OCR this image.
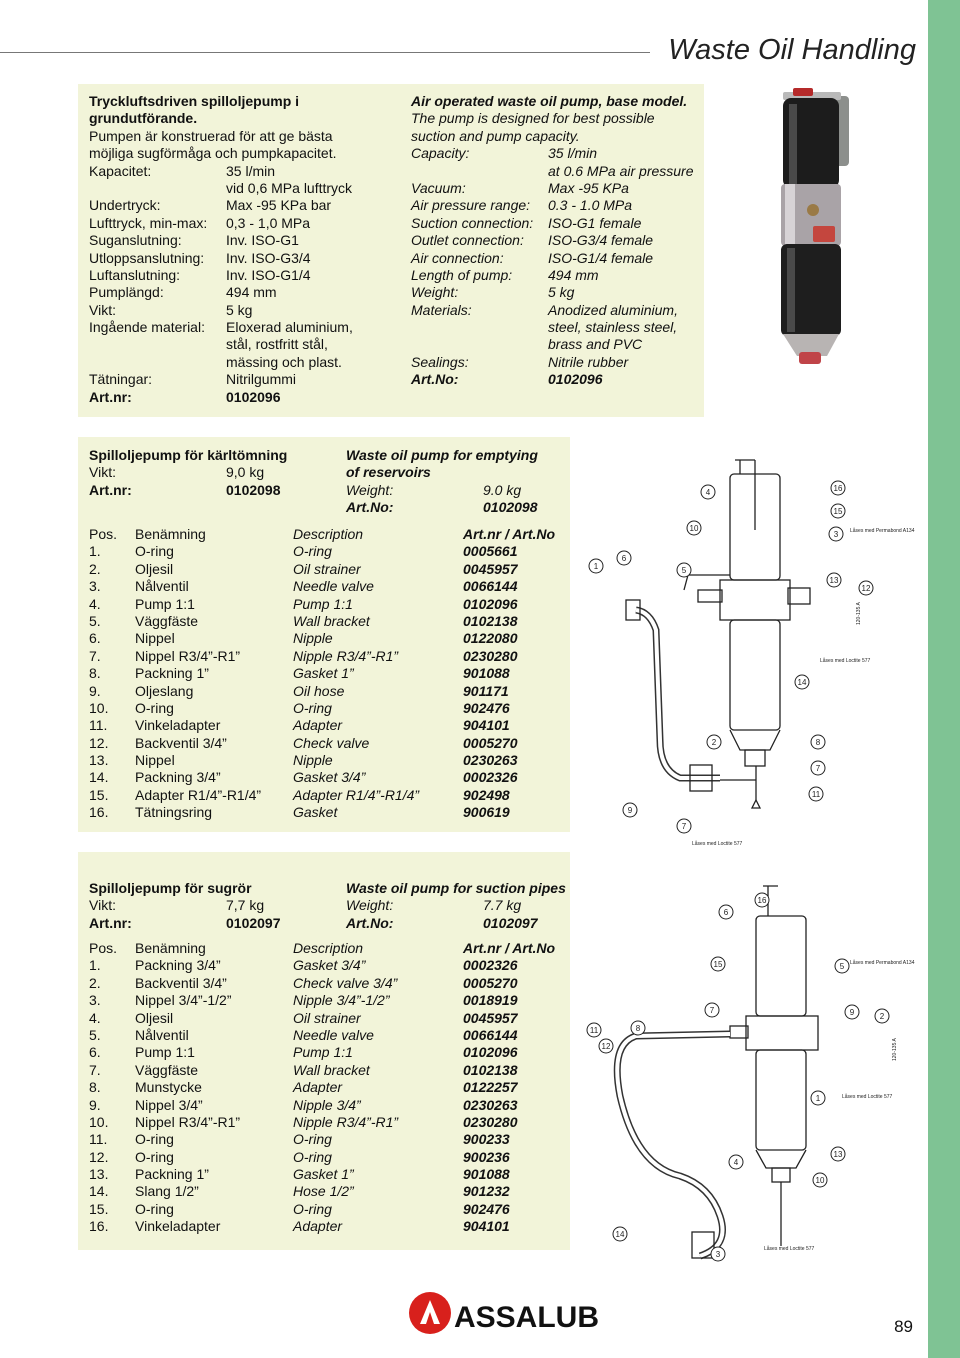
Waste Oil Handling
Tryckluftsdriven spilloljepump i
grundutförande.
Pumpen är konstruerad för att ge bästa
möjliga sugförmåga och pumpkapacitet.
Kapacitet:	35 l/min
vid 0,6 MPa lufttryck
Undertryck:	Max -95 KPa bar
Lufttryck, min-max:	0,3 - 1,0 MPa
Suganslutning:	Inv. ISO-G1
Utloppsanslutning:	Inv. ISO-G3/4
Luftanslutning:	Inv. ISO-G1/4
Pumplängd:	494 mm
Vikt:	5 kg
Ingående material:	Eloxerad aluminium,
stål, rostfritt stål,
mässing och plast.
Tätningar:	Nitrilgummi
Art.nr:	0102096
Air operated waste oil pump, base model.
The pump is designed for best possible
suction and pump capacity.
Capacity:	35 l/min
at 0.6 MPa air pressure
Vacuum:	Max -95 KPa
Air pressure range:	0.3 - 1.0 MPa
Suction connection:	ISO-G1 female
Outlet connection:	ISO-G3/4 female
Air connection:	ISO-G1/4 female
Length of pump:	494 mm
Weight:	5 kg
Materials:	Anodized aluminium,
steel, stainless steel,
brass and PVC
Sealings:	Nitrile rubber
Art.No:	0102096
Spilloljepump för kärltömning
Vikt:	9,0 kg
Art.nr:	0102098
Waste oil pump for emptying
of reservoirs
Weight:	9.0 kg
Art.No:	0102098
Pos.	Benämning	Description	Art.nr / Art.No
1.	O-ring	O-ring	0005661
2.	Oljesil	Oil strainer	0045957
3.	Nålventil	Needle valve	0066144
4.	Pump 1:1	Pump 1:1	0102096
5.	Väggfäste	Wall bracket	0102138
6.	Nippel	Nipple	0122080
7.	Nippel R3/4”-R1”	Nipple R3/4”-R1”	0230280
8.	Packning 1”	Gasket 1”	901088
9.	Oljeslang	Oil hose	901171
10.	O-ring	O-ring	902476
11.	Vinkeladapter	Adapter	904101
12.	Backventil 3/4”	Check valve	0005270
13.	Nippel	Nipple	0230263
14.	Packning 3/4”	Gasket 3/4”	0002326
15.	Adapter R1/4”-R1/4”	Adapter R1/4”-R1/4”	902498
16.	Tätningsring	Gasket	900619
Spilloljepump för sugrör
Vikt:	7,7 kg
Art.nr:	0102097
Waste oil pump for suction pipes
Weight:	7.7 kg
Art.No:	0102097
Pos.	Benämning	Description	Art.nr / Art.No
1.	Packning 3/4”	Gasket 3/4”	0002326
2.	Backventil 3/4”	Check valve 3/4”	0005270
3.	Nippel 3/4”-1/2”	Nipple 3/4”-1/2”	0018919
4.	Oljesil	Oil strainer	0045957
5.	Nålventil	Needle valve	0066144
6.	Pump 1:1	Pump 1:1	0102096
7.	Väggfäste	Wall bracket	0102138
8.	Munstycke	Adapter	0122257
9.	Nippel 3/4”	Nipple 3/4”	0230263
10.	Nippel R3/4”-R1”	Nipple R3/4”-R1”	0230280
11.	O-ring	O-ring	900233
12.	O-ring	O-ring	900236
13.	Packning 1”	Gasket 1”	901088
14.	Slang 1/2”	Hose 1/2”	901232
15.	O-ring	O-ring	902476
16.	Vinkeladapter	Adapter	904101
1
2
3
4
5
6
7
7
8
9
10
11
12
13
14
15
16
Låses med Permabond A134
Låses med Loctite 577
Låses med Loctite 577
120-135 A
1
2
3
4
5
6
7
8
9
10
11
12
13
14
15
16
Låses med Permabond A134
Låses med Loctite 577
Låses med Loctite 577
120-135 A
ASSALUB	89
